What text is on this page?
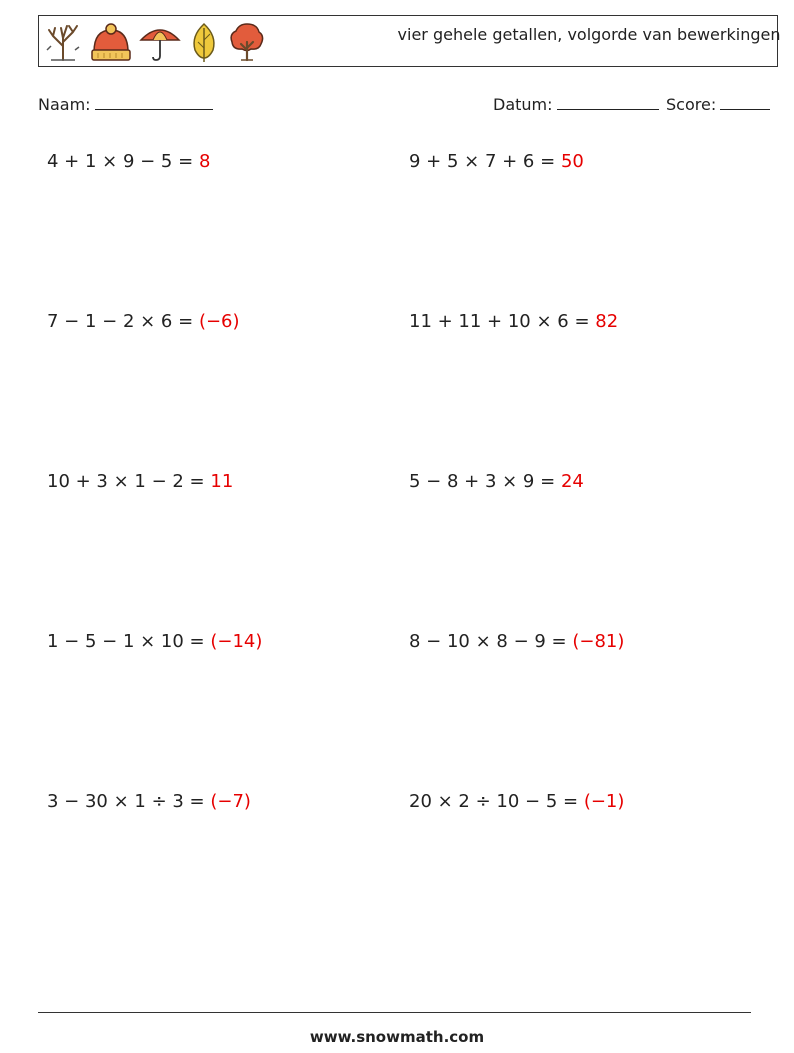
vier gehele getallen, volgorde van bewerkingen
Naam:	Datum:	Score:
4 + 1 × 9 − 5 = 8	9 + 5 × 7 + 6 = 50
7 − 1 − 2 × 6 = (−6)	11 + 11 + 10 × 6 = 82
10 + 3 × 1 − 2 = 11	5 − 8 + 3 × 9 = 24
1 − 5 − 1 × 10 = (−14)	8 − 10 × 8 − 9 = (−81)
3 − 30 × 1 ÷ 3 = (−7)	20 × 2 ÷ 10 − 5 = (−1)
www.snowmath.com
